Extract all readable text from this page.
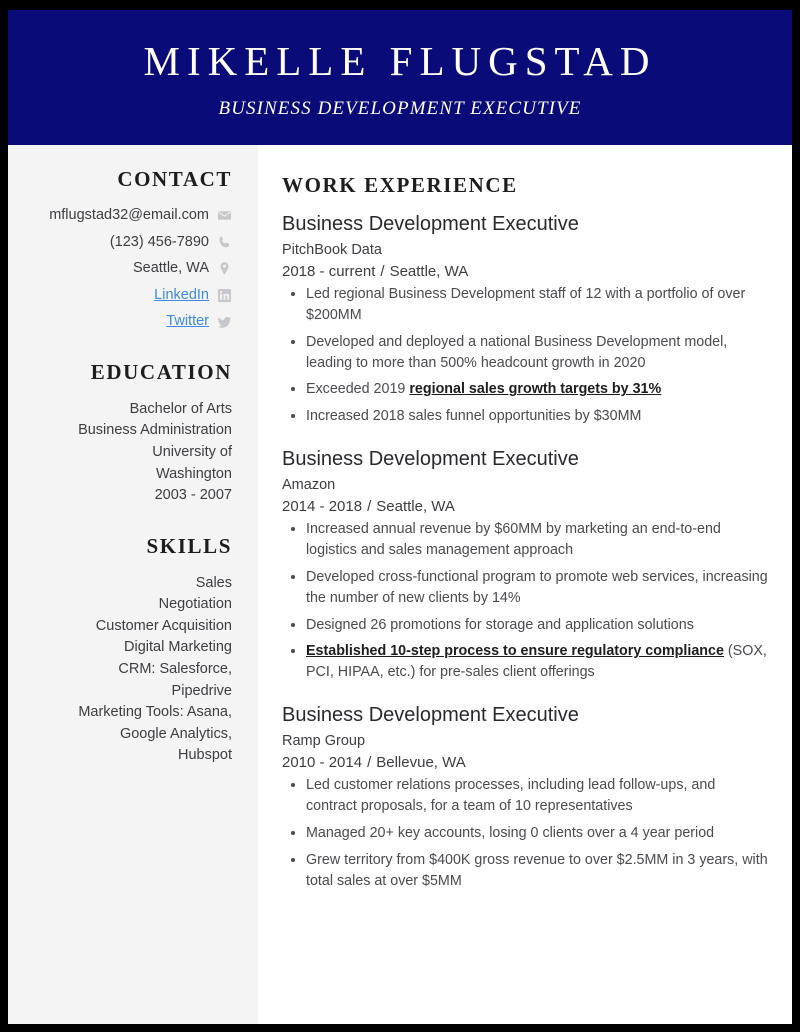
MIKELLE FLUGSTAD
BUSINESS DEVELOPMENT EXECUTIVE
CONTACT
mflugstad32@email.com
(123) 456-7890
Seattle, WA
LinkedIn
Twitter
EDUCATION
Bachelor of Arts
Business Administration
University of
Washington
2003 - 2007
SKILLS
Sales
Negotiation
Customer Acquisition
Digital Marketing
CRM: Salesforce,
Pipedrive
Marketing Tools: Asana,
Google Analytics,
Hubspot
WORK EXPERIENCE
Business Development Executive
PitchBook Data
2018 - current / Seattle, WA
Led regional Business Development staff of 12 with a portfolio of over $200MM
Developed and deployed a national Business Development model, leading to more than 500% headcount growth in 2020
Exceeded 2019 regional sales growth targets by 31%
Increased 2018 sales funnel opportunities by $30MM
Business Development Executive
Amazon
2014 - 2018 / Seattle, WA
Increased annual revenue by $60MM by marketing an end-to-end logistics and sales management approach
Developed cross-functional program to promote web services, increasing the number of new clients by 14%
Designed 26 promotions for storage and application solutions
Established 10-step process to ensure regulatory compliance (SOX, PCI, HIPAA, etc.) for pre-sales client offerings
Business Development Executive
Ramp Group
2010 - 2014 / Bellevue, WA
Led customer relations processes, including lead follow-ups, and contract proposals, for a team of 10 representatives
Managed 20+ key accounts, losing 0 clients over a 4 year period
Grew territory from $400K gross revenue to over $2.5MM in 3 years, with total sales at over $5MM
